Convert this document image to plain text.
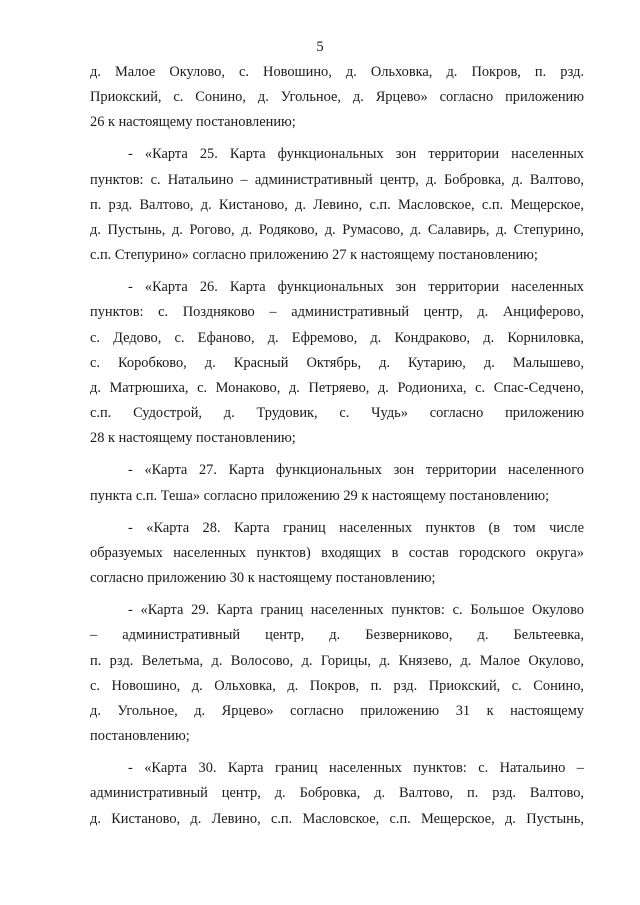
5
д. Малое Окулово, с. Новошино, д. Ольховка, д. Покров, п. рзд.
Приокский, с. Сонино, д. Угольное, д. Ярцево» согласно приложению
26 к настоящему постановлению;
- «Карта 25. Карта функциональных зон территории населенных
пунктов: с. Натальино – административный центр, д. Бобровка, д. Валтово,
п. рзд. Валтово, д. Кистаново, д. Левино, с.п. Масловское, с.п. Мещерское,
д. Пустынь, д. Рогово, д. Родяково, д. Румасово, д. Салавирь, д. Степурино,
с.п. Степурино» согласно приложению 27 к настоящему постановлению;
- «Карта 26. Карта функциональных зон территории населенных
пунктов: с. Поздняково – административный центр, д. Анциферово,
с. Дедово, с. Ефаново, д. Ефремово, д. Кондраково, д. Корниловка,
с. Коробково, д. Красный Октябрь, д. Кутарию, д. Малышево,
д. Матрюшиха, с. Монаково, д. Петряево, д. Родиониха, с. Спас-Седчено,
с.п. Судострой, д. Трудовик, с. Чудь» согласно приложению
28 к настоящему постановлению;
- «Карта 27. Карта функциональных зон территории населенного
пункта с.п. Теша» согласно приложению 29 к настоящему постановлению;
- «Карта 28. Карта границ населенных пунктов (в том числе
образуемых населенных пунктов) входящих в состав городского округа»
согласно приложению 30 к настоящему постановлению;
- «Карта 29. Карта границ населенных пунктов: с. Большое Окулово
– административный центр, д. Безверниково, д. Бельтеевка,
п. рзд. Велетьма, д. Волосово, д. Горицы, д. Князево, д. Малое Окулово,
с. Новошино, д. Ольховка, д. Покров, п. рзд. Приокский, с. Сонино,
д. Угольное, д. Ярцево» согласно приложению 31 к настоящему
постановлению;
- «Карта 30. Карта границ населенных пунктов: с. Натальино –
административный центр, д. Бобровка, д. Валтово, п. рзд. Валтово,
д. Кистаново, д. Левино, с.п. Масловское, с.п. Мещерское, д. Пустынь,
